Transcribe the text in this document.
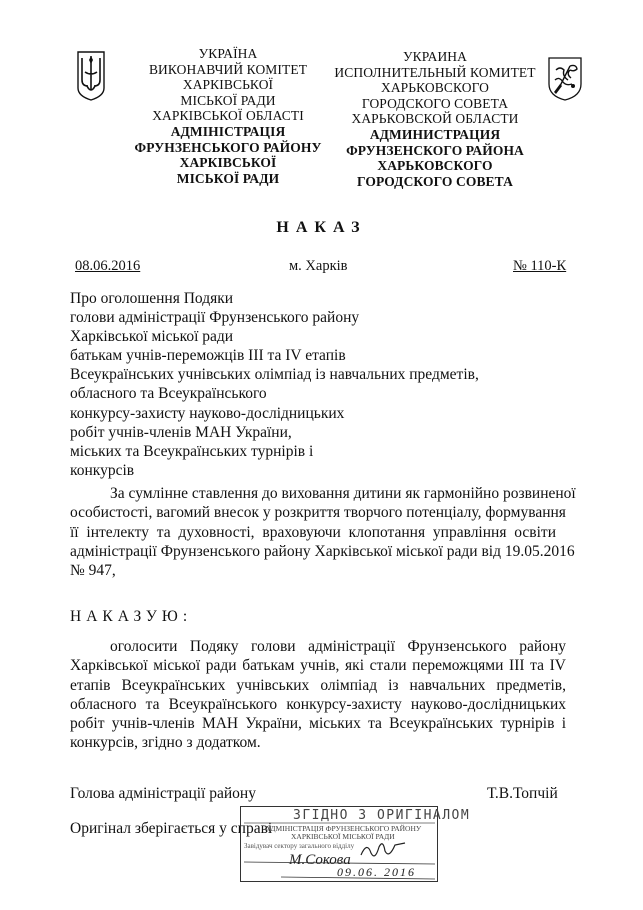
УКРАЇНА
ВИКОНАВЧИЙ КОМІТЕТ
ХАРКІВСЬКОЇ
МІСЬКОЇ РАДИ
ХАРКІВСЬКОЇ ОБЛАСТІ
АДМІНІСТРАЦІЯ
ФРУНЗЕНСЬКОГО РАЙОНУ
ХАРКІВСЬКОЇ
МІСЬКОЇ РАДИ
УКРАИНА
ИСПОЛНИТЕЛЬНЫЙ КОМИТЕТ
ХАРЬКОВСКОГО
ГОРОДСКОГО СОВЕТА
ХАРЬКОВСКОЙ ОБЛАСТИ
АДМИНИСТРАЦИЯ
ФРУНЗЕНСКОГО РАЙОНА
ХАРЬКОВСКОГО
ГОРОДСКОГО СОВЕТА
НАКАЗ
08.06.2016	м. Харків	№ 110-К
Про оголошення Подяки
голови адміністрації Фрунзенського району
Харківської міської ради
батькам учнів-переможців ІІІ та ІV етапів
Всеукраїнських учнівських олімпіад із навчальних предметів,
обласного та Всеукраїнського
конкурсу-захисту науково-дослідницьких
робіт учнів-членів МАН України,
міських та Всеукраїнських турнірів і
конкурсів
За сумлінне ставлення до виховання дитини як гармонійно розвиненої
особистості, вагомий внесок у розкриття творчого потенціалу, формування
її інтелекту та духовності, враховуючи клопотання управління освіти
адміністрації Фрунзенського району Харківської міської ради від 19.05.2016
№ 947,
НАКАЗУЮ:
оголосити Подяку голови адміністрації Фрунзенського району
Харківської міської ради батькам учнів, які стали переможцями ІІІ та ІV
етапів Всеукраїнських учнівських олімпіад із навчальних предметів,
обласного та Всеукраїнського конкурсу-захисту науково-дослідницьких
робіт учнів-членів МАН України, міських та Всеукраїнських турнірів і
конкурсів, згідно з додатком.
Голова адміністрації району	Т.В.Топчій
Оригінал зберігається у справі
ЗГІДНО З ОРИГІНАЛОМ
АДМІНІСТРАЦІЯ ФРУНЗЕНСЬКОГО РАЙОНУ
ХАРКІВСЬКОЇ МІСЬКОЇ РАДИ
Завідувач сектору загального відділу
М.Сокова
09.06. 2016
